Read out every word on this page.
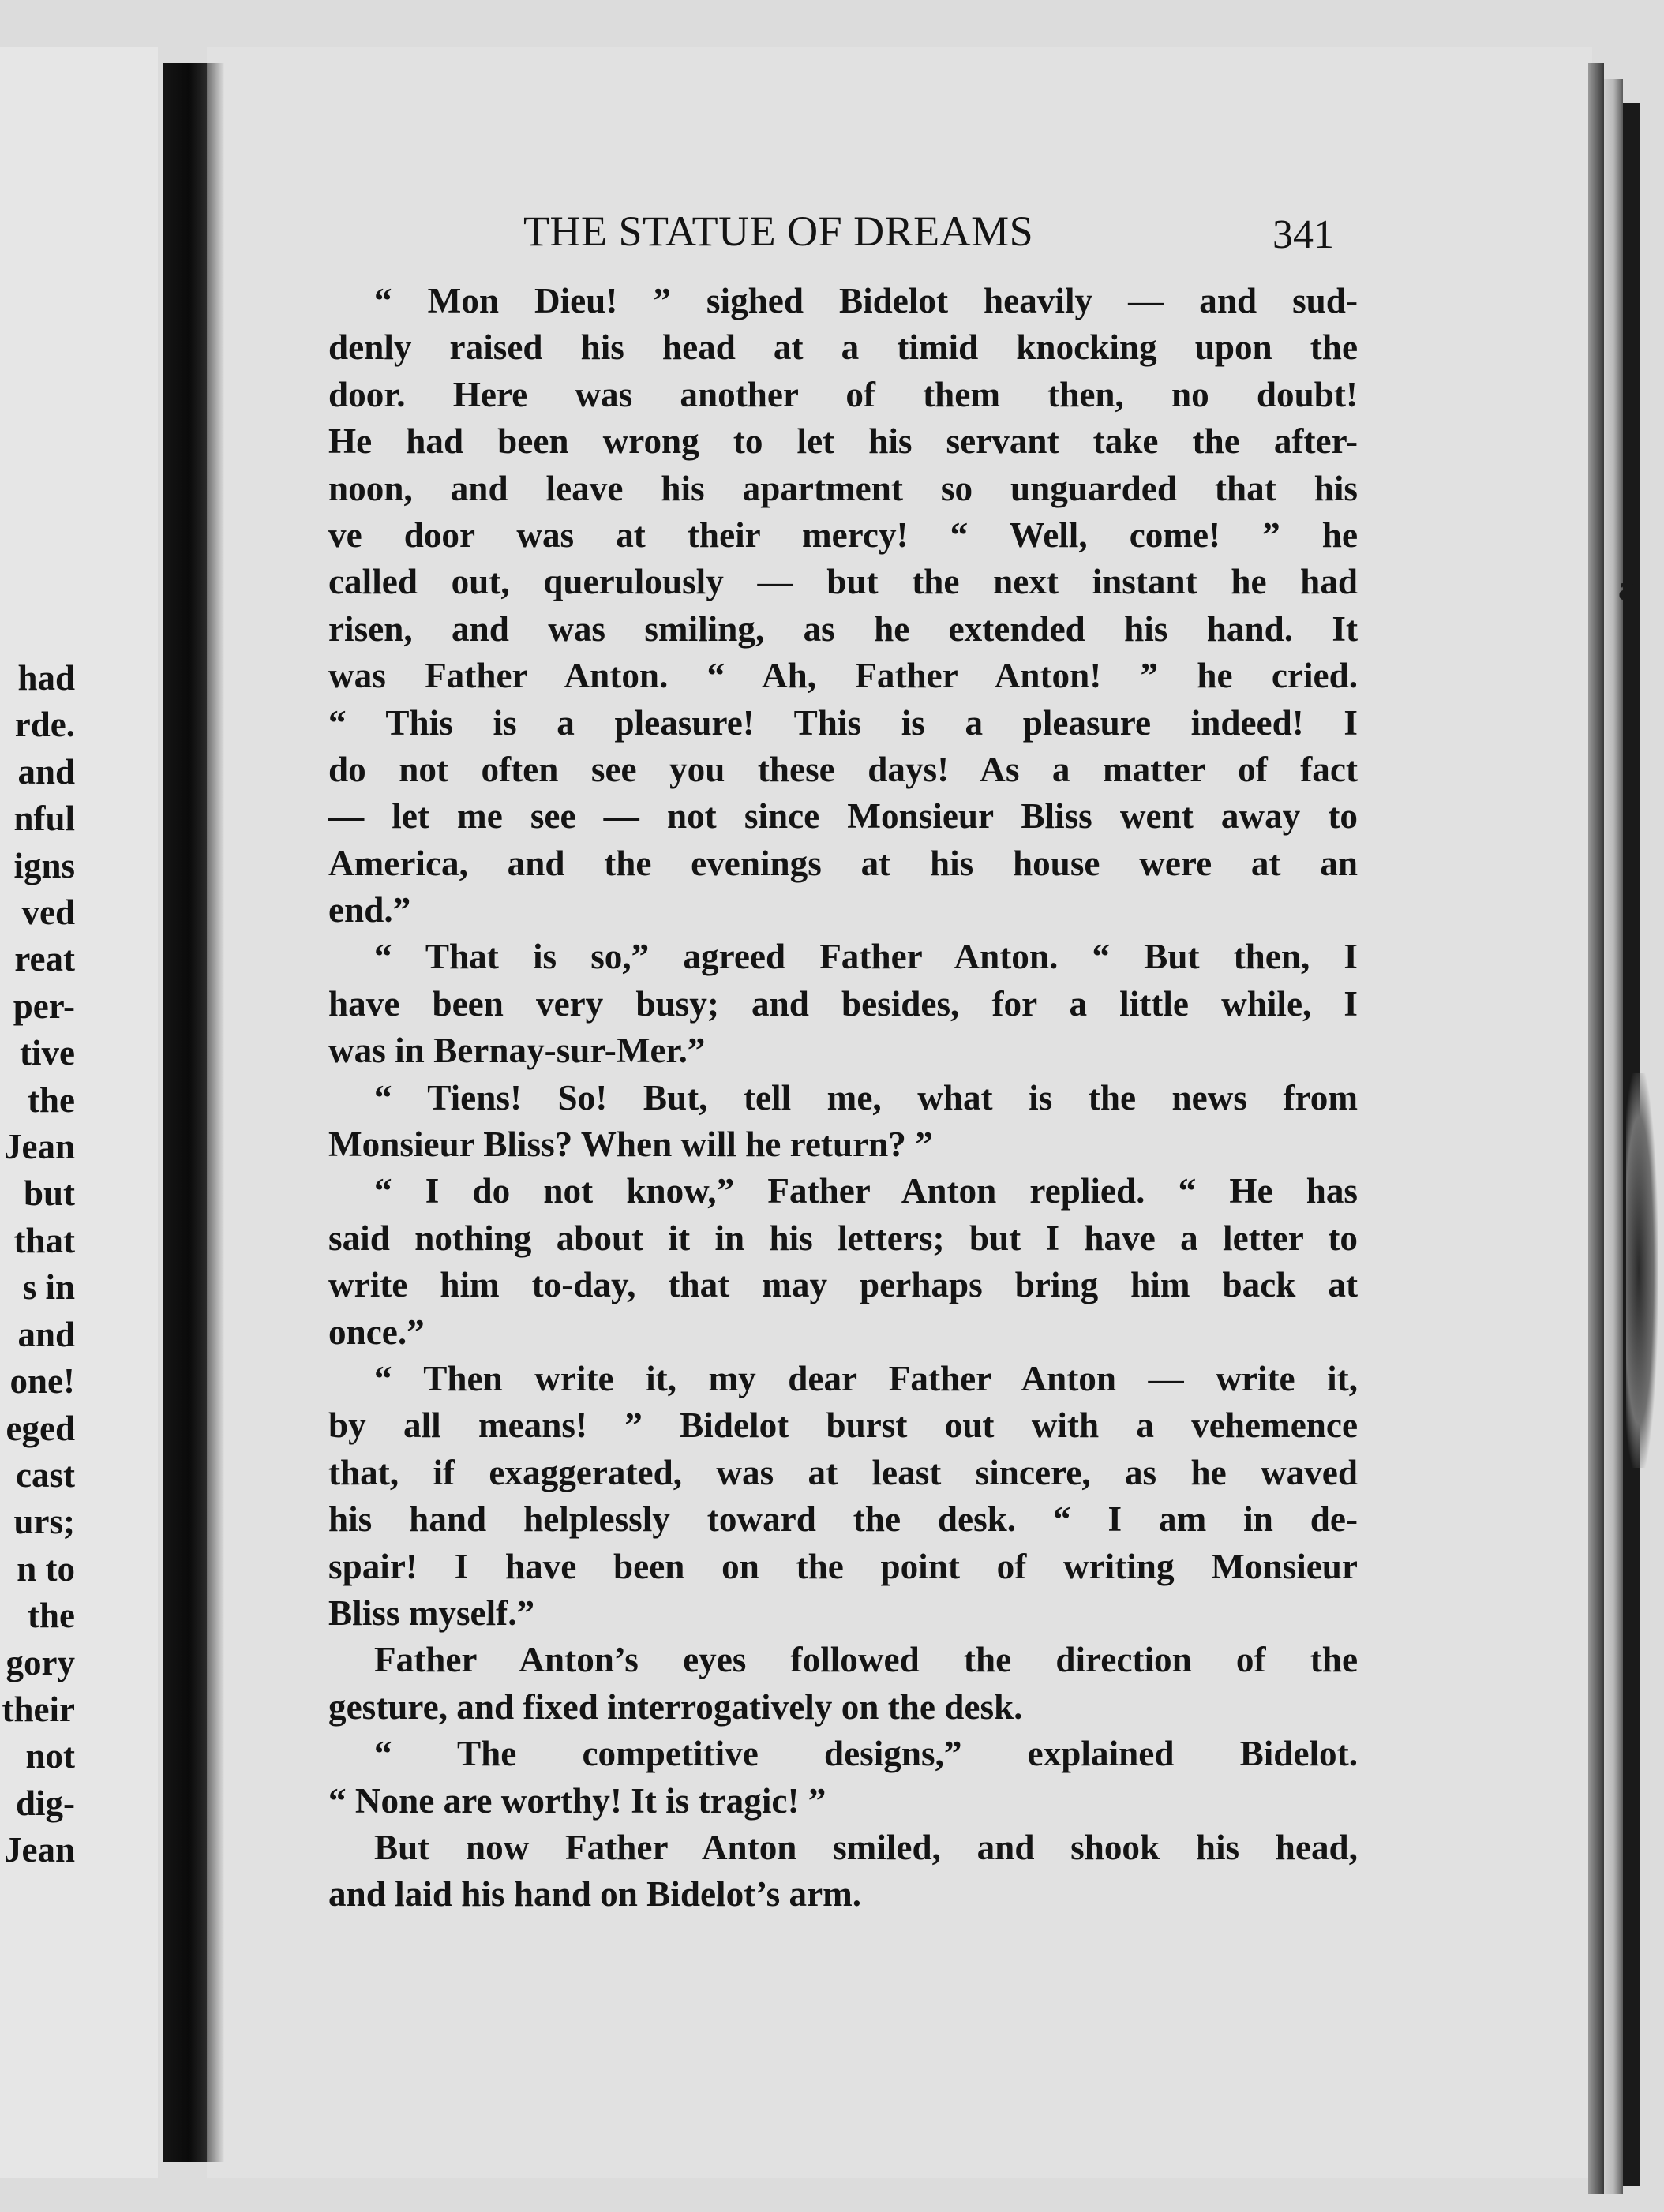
had
rde.
and
nful
igns
ved
reat
per-
tive
the
Jean
but
that
s in
and
one!
eged
cast
urs;
n to
the
gory
their
not
dig-
Jean
a
THE STATUE OF DREAMS	341
“ Mon Dieu! ” sighed Bidelot heavily — and sud-
denly raised his head at a timid knocking upon the
door. Here was another of them then, no doubt!
He had been wrong to let his servant take the after-
noon, and leave his apartment so unguarded that his
ve door was at their mercy! “ Well, come! ” he
called out, querulously — but the next instant he had
risen, and was smiling, as he extended his hand. It
was Father Anton. “ Ah, Father Anton! ” he cried.
“ This is a pleasure! This is a pleasure indeed! I
do not often see you these days! As a matter of fact
— let me see — not since Monsieur Bliss went away to
America, and the evenings at his house were at an
end.”
“ That is so,” agreed Father Anton. “ But then, I
have been very busy; and besides, for a little while, I
was in Bernay-sur-Mer.”
“ Tiens! So! But, tell me, what is the news from
Monsieur Bliss? When will he return? ”
“ I do not know,” Father Anton replied. “ He has
said nothing about it in his letters; but I have a letter to
write him to-day, that may perhaps bring him back at
once.”
“ Then write it, my dear Father Anton — write it,
by all means! ” Bidelot burst out with a vehemence
that, if exaggerated, was at least sincere, as he waved
his hand helplessly toward the desk. “ I am in de-
spair! I have been on the point of writing Monsieur
Bliss myself.”
Father Anton’s eyes followed the direction of the
gesture, and fixed interrogatively on the desk.
“ The competitive designs,” explained Bidelot.
“ None are worthy! It is tragic! ”
But now Father Anton smiled, and shook his head,
and laid his hand on Bidelot’s arm.
